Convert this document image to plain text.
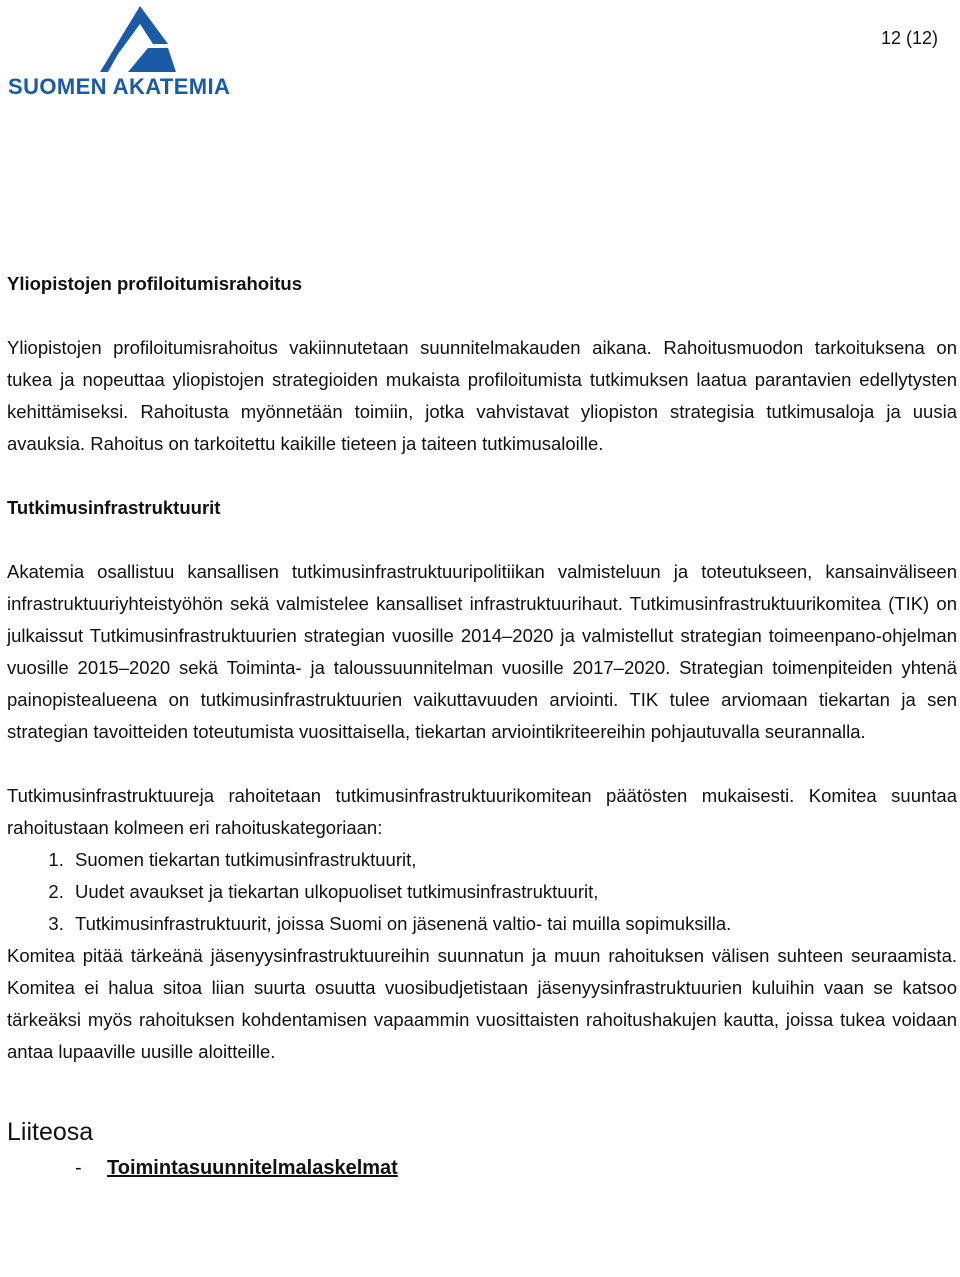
SUOMEN AKATEMIA
12 (12)
Yliopistojen profiloitumisrahoitus

Yliopistojen profiloitumisrahoitus vakiinnutetaan suunnitelmakauden aikana. Rahoitusmuodon tarkoituksena on tukea ja nopeuttaa yliopistojen strategioiden mukaista profiloitumista tutkimuksen laatua parantavien edellytysten kehittämiseksi. Rahoitusta myönnetään toimiin, jotka vahvistavat yliopiston strategisia tutkimusaloja ja uusia avauksia. Rahoitus on tarkoitettu kaikille tieteen ja taiteen tutkimusaloille.

Tutkimusinfrastruktuurit

Akatemia osallistuu kansallisen tutkimusinfrastruktuuripolitiikan valmisteluun ja toteutukseen, kansainväliseen infrastruktuuriyhteistyöhön sekä valmistelee kansalliset infrastruktuurihaut. Tutkimusinfrastruktuurikomitea (TIK) on julkaissut Tutkimusinfrastruktuurien strategian vuosille 2014–2020 ja valmistellut strategian toimeenpano-ohjelman vuosille 2015–2020 sekä Toiminta- ja taloussuunnitelman vuosille 2017–2020. Strategian toimenpiteiden yhtenä painopistealueena on tutkimusinfrastruktuurien vaikuttavuuden arviointi. TIK tulee arviomaan tiekartan ja sen strategian tavoitteiden toteutumista vuosittaisella, tiekartan arviointikriteereihin pohjautuvalla seurannalla.

Tutkimusinfrastruktuureja rahoitetaan tutkimusinfrastruktuurikomitean päätösten mukaisesti. Komitea suuntaa rahoitustaan kolmeen eri rahoituskategoriaan:

1. Suomen tiekartan tutkimusinfrastruktuurit,
2. Uudet avaukset ja tiekartan ulkopuoliset tutkimusinfrastruktuurit,
3. Tutkimusinfrastruktuurit, joissa Suomi on jäsenenä valtio- tai muilla sopimuksilla.

Komitea pitää tärkeänä jäsenyysinfrastruktuureihin suunnatun ja muun rahoituksen välisen suhteen seuraamista. Komitea ei halua sitoa liian suurta osuutta vuosibudjetistaan jäsenyysinfrastruktuurien kuluihin vaan se katsoo tärkeäksi myös rahoituksen kohdentamisen vapaammin vuosittaisten rahoitushakujen kautta, joissa tukea voidaan antaa lupaaville uusille aloitteille.

Liiteosa
- Toimintasuunnitelmalaskelmat
